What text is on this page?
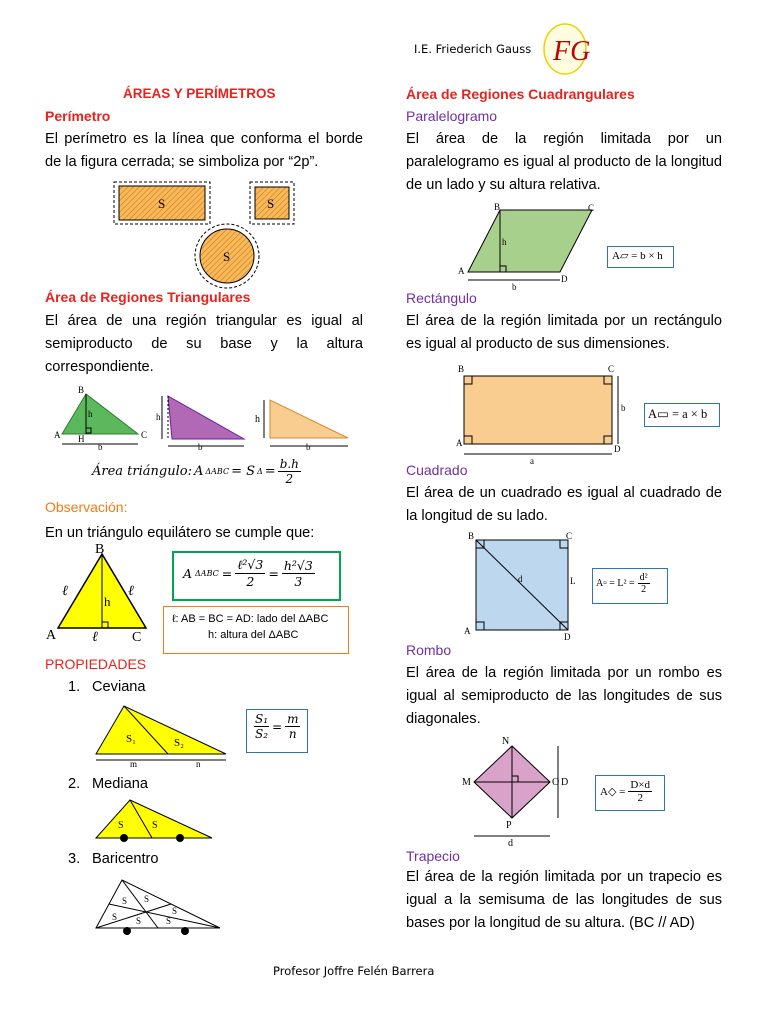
I.E. Friederich Gauss FG
ÁREAS Y PERÍMETROS
Perímetro
El perímetro es la línea que conforma el borde de la figura cerrada; se simboliza por “2p”.
S	S
S
Área de Regiones Triangulares
El área de una región triangular es igual al semiproducto de su base y la altura correspondiente.
B
A H	C
h
b
h
b
h
b
Área triángulo: A ΔABC = S $\Delta = \frac{b.h}{2}$
Observación:
En un triángulo equilátero se cumple que:
B
A	C
h
ℓ	ℓ
ℓ
A ΔABC =
ℓ²√3
2
= $\frac{\text{h²√3}}{3}$
ℓ: AB = BC = AD: lado del ΔABC
h: altura del ΔABC
PROPIEDADES
1. Ceviana
S₁	S₂
m	n
$\frac{\text{S₁}}{\text{S₂}} = \frac{m}{n}$
2. Mediana
S	S
3. Baricentro
S S
S
S S	S
Área de Regiones Cuadrangulares
Paralelogramo
El área de la región limitada por un paralelogramo es igual al producto de la longitud de un lado y su altura relativa.
B	C
A
D
h
b
A▱ = b × h
Rectángulo
El área de la región limitada por un rectángulo es igual al producto de sus dimensiones.
B	C
A
D
b
a
A▭ = a × b
Cuadrado
El área de un cuadrado es igual al cuadrado de la longitud de su lado.
B	C
A
D
L
d	A▫ = $L^2 = \frac{\text{d²}}{2}$
Rombo
El área de la región limitada por un rombo es igual al semiproducto de las longitudes de sus diagonales.
N
M	O
P
D
d
A◇ = $\frac{D\times d}{2}$
Trapecio
El área de la región limitada por un trapecio es igual a la semisuma de las longitudes de sus bases por la longitud de su altura. (BC // AD)
Profesor Joffre Felén Barrera
